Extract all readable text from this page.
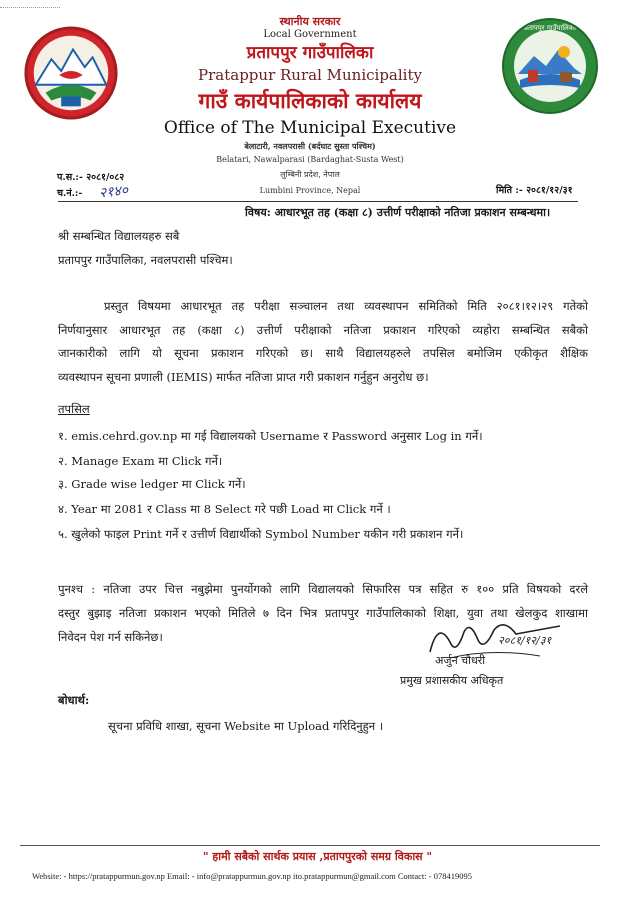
प्रतापपुर गाउँपालिका
स्थानीय सरकार
Local Government
प्रतापपुर गाउँपालिका
Pratappur Rural Municipality
गाउँ कार्यपालिकाको कार्यालय
Office of The Municipal Executive
बेलाटारी, नवलपरासी (बर्दघाट सुस्ता पश्चिम)
Belatari, Nawalparasi (Bardaghat-Susta West)
लुम्बिनी प्रदेश, नेपाल
Lumbini Province, Nepal
प.स.:- २०८१/०८२
च.नं.:- २१४०	मिति :- २०८१/१२/३१
विषय: आधारभूत तह (कक्षा ८) उत्तीर्ण परीक्षाको नतिजा प्रकाशन सम्बन्धमा।
श्री सम्बन्धित विद्यालयहरु सबै
प्रतापपुर गाउँपालिका, नवलपरासी पश्चिम।
प्रस्तुत विषयमा आधारभूत तह परीक्षा सञ्चालन तथा व्यवस्थापन समितिको मिति २०८१।१२।२९ गतेको
निर्णयानुसार आधारभूत तह (कक्षा ८) उत्तीर्ण परीक्षाको नतिजा प्रकाशन गरिएको व्यहोरा सम्बन्धित सबैको
जानकारीको लागि यो सूचना प्रकाशन गरिएको छ। साथै विद्यालयहरुले तपसिल बमोजिम एकीकृत शैक्षिक
व्यवस्थापन सूचना प्रणाली (IEMIS) मार्फत नतिजा प्राप्त गरी प्रकाशन गर्नुहुन अनुरोध छ।
तपसिल
१. emis.cehrd.gov.np मा गई विद्यालयको Username र Password अनुसार Log in गर्ने।
२. Manage Exam मा Click गर्ने।
३. Grade wise ledger मा Click गर्ने।
४. Year मा 2081 र Class मा 8 Select गरे पछी Load मा Click गर्ने ।
५. खुलेको फाइल Print गर्ने र उत्तीर्ण विद्यार्थीको Symbol Number यकीन गरी प्रकाशन गर्ने।
पुनश्च : नतिजा उपर चित्त नबुझेमा पुनर्योगको लागि विद्यालयको सिफारिस पत्र सहित रु १०० प्रति विषयको दरले
दस्तुर बुझाइ नतिजा प्रकाशन भएको मितिले ७ दिन भित्र प्रतापपुर गाउँपालिकाको शिक्षा, युवा तथा खेलकुद शाखामा
निवेदन पेश गर्न सकिनेछ।	२०८१/१२/३१
अर्जुन चौधरी
प्रमुख प्रशासकीय अधिकृत
बोधार्थ:
सूचना प्रविधि शाखा, सूचना Website मा Upload गरिदिनुहुन ।
" हामी सबैको सार्थक प्रयास ,प्रतापपुरको समग्र विकास "
Website: - https://pratappurmun.gov.np Email: - info@pratappurmun.gov.np ito.pratappurmun@gmail.com Contact: - 078419095
